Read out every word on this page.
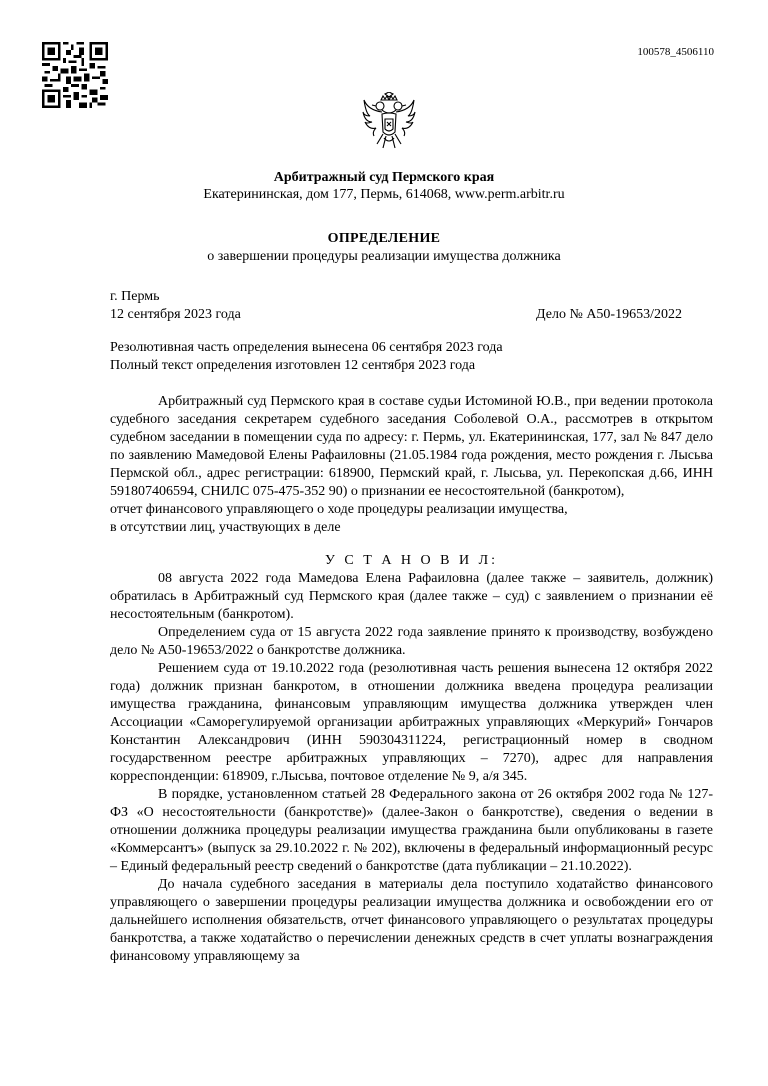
100578_4506110
Арбитражный суд Пермского края
Екатерининская, дом 177, Пермь, 614068, www.perm.arbitr.ru
ОПРЕДЕЛЕНИЕ
о завершении процедуры реализации имущества должника
г. Пермь
12 сентября 2023 года	Дело № А50-19653/2022
Резолютивная часть определения вынесена 06 сентября 2023 года
Полный текст определения изготовлен 12 сентября 2023 года

Арбитражный суд Пермского края в составе судьи Истоминой Ю.В., при ведении протокола судебного заседания секретарем судебного заседания Соболевой О.А., рассмотрев в открытом судебном заседании в помещении суда по адресу: г. Пермь, ул. Екатерининская, 177, зал № 847 дело по заявлению Мамедовой Елены Рафаиловны (21.05.1984 года рождения, место рождения г. Лысьва Пермской обл., адрес регистрации: 618900, Пермский край, г. Лысьва, ул. Перекопская д.66, ИНН 591807406594, СНИЛС 075-475-352 90) о признании ее несостоятельной (банкротом),

отчет финансового управляющего о ходе процедуры реализации имущества,

в отсутствии лиц, участвующих в деле

У С Т А Н О В И Л:

08 августа 2022 года Мамедова Елена Рафаиловна (далее также – заявитель, должник) обратилась в Арбитражный суд Пермского края (далее также – суд) с заявлением о признании её несостоятельным (банкротом).

Определением суда от 15 августа 2022 года заявление принято к производству, возбуждено дело № А50-19653/2022 о банкротстве должника.

Решением суда от 19.10.2022 года (резолютивная часть решения вынесена 12 октября 2022 года) должник признан банкротом, в отношении должника введена процедура реализации имущества гражданина, финансовым управляющим имущества должника утвержден член Ассоциации «Саморегулируемой организации арбитражных управляющих «Меркурий» Гончаров Константин Александрович (ИНН 590304311224, регистрационный номер в сводном государственном реестре арбитражных управляющих – 7270), адрес для направления корреспонденции: 618909, г.Лысьва, почтовое отделение № 9, а/я 345.

В порядке, установленном статьей 28 Федерального закона от 26 октября 2002 года № 127-ФЗ «О несостоятельности (банкротстве)» (далее-Закон о банкротстве), сведения о ведении в отношении должника процедуры реализации имущества гражданина были опубликованы в газете «Коммерсантъ» (выпуск за 29.10.2022 г. № 202), включены в федеральный информационный ресурс – Единый федеральный реестр сведений о банкротстве (дата публикации – 21.10.2022).

До начала судебного заседания в материалы дела поступило ходатайство финансового управляющего о завершении процедуры реализации имущества должника и освобождении его от дальнейшего исполнения обязательств, отчет финансового управляющего о результатах процедуры банкротства, а также ходатайство о перечислении денежных средств в счет уплаты вознаграждения финансовому управляющему за
